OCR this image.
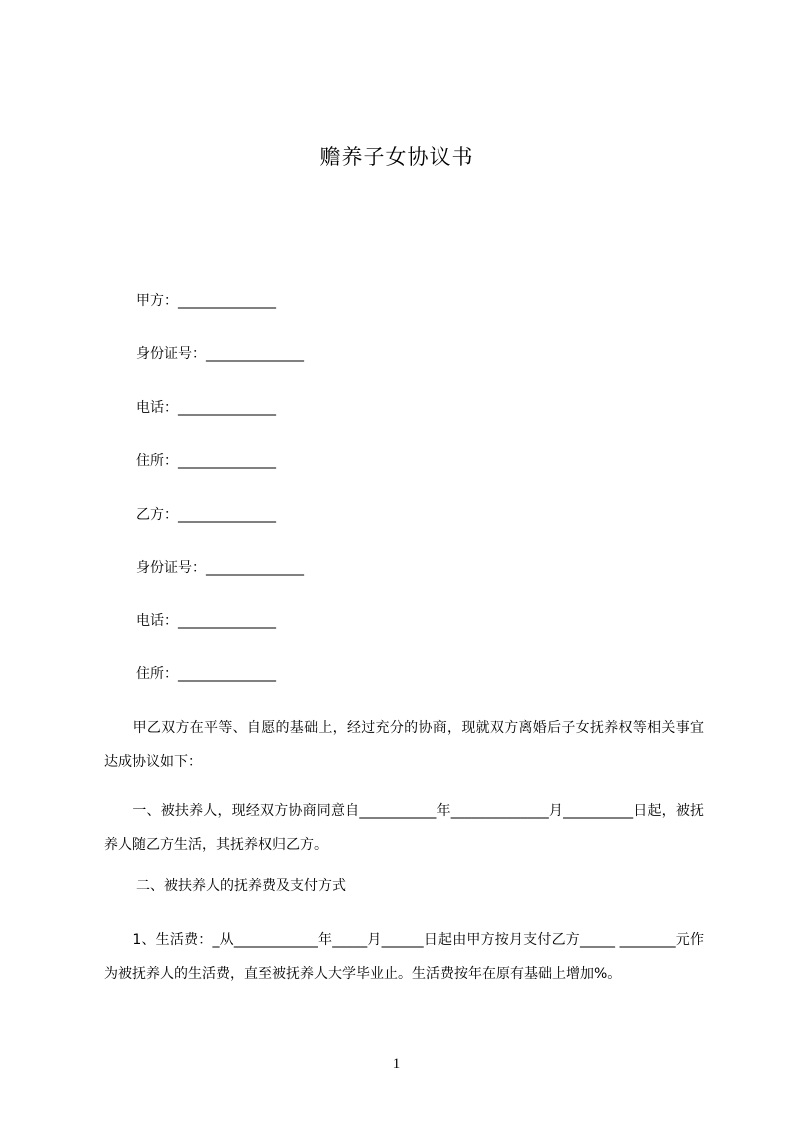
赡养子女协议书
甲方：______________
身份证号：______________
电话：______________
住所：______________
乙方：______________
身份证号：______________
电话：______________
住所：______________
　　甲乙双方在平等、自愿的基础上，经过充分的协商，现就双方离婚后子女抚养权等相关事宜达成协议如下：
　　一、被扶养人，现经双方协商同意自___________年______________月__________日起，被抚养人随乙方生活，其抚养权归乙方。
二、被扶养人的抚养费及支付方式
　　1、生活费：_从____________年_____月______日起由甲方按月支付乙方_____ ________元作为被抚养人的生活费，直至被抚养人大学毕业止。生活费按年在原有基础上增加%。
1
